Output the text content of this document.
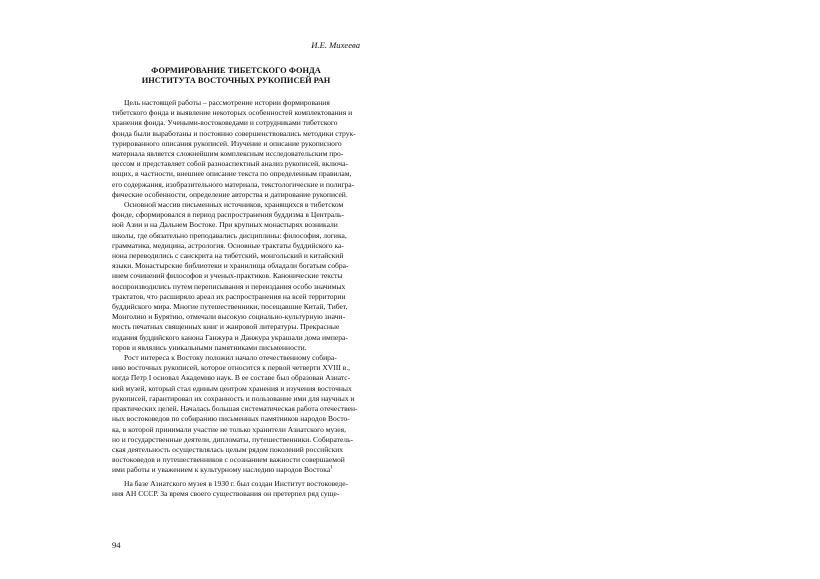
И.Е. Михеева

ФОРМИРОВАНИЕ ТИБЕТСКОГО ФОНДА
ИНСТИТУТА ВОСТОЧНЫХ РУКОПИСЕЙ РАН
Цель настоящей работы – рассмотрение истории формирования
тибетского фонда и выявление некоторых особенностей комплектования и
хранения фонда. Учеными-востоковедами и сотрудниками тибетского
фонда были выработаны и постоянно совершенствовались методики струк-
турированного описания рукописей. Изучение и описание рукописного
материала является сложнейшим комплексным исследовательским про-
цессом и представляет собой разноаспектный анализ рукописей, включа-
ющих, в частности, внешнее описание текста по определенным правилам,
его содержания, изобразительного материала, текстологические и полигра-
фические особенности, определение авторства и датирование рукописей.
Основной массив письменных источников, хранящихся в тибетском
фонде, сформировался в период распространения буддизма в Централь-
ной Азии и на Дальнем Востоке. При крупных монастырях возникали
школы, где обязательно преподавались дисциплины: философия, логика,
грамматика, медицина, астрология. Основные трактаты буддийского ка-
нона переводились с санскрита на тибетский, монгольский и китайский
языки. Монастырские библиотеки и хранилища обладали богатым собра-
нием сочинений философов и ученых-практиков. Канонические тексты
воспроизводились путем переписывания и переиздания особо значимых
трактатов, что расширяло ареал их распространения на всей территории
буддийского мира. Многие путешественники, посещавшие Китай, Тибет,
Монголию и Бурятию, отмечали высокую социально-культурную значи-
мость печатных священных книг и жанровой литературы. Прекрасные
издания буддийского канона Ганжура и Данжура украшали дома импера-
торов и являлись уникальными памятниками письменности.
Рост интереса к Востоку положил начало отечественному собира-
нию восточных рукописей, которое относится к первой четверти XVIII в.,
когда Петр I основал Академию наук. В ее составе был образован Азиатс-
кий музей, который стал единым центром хранения и изучения восточных
рукописей, гарантировал их сохранность и пользование ими для научных и
практических целей. Началась большая систематическая работа отечествен-
ных востоковедов по собиранию письменных памятников народов Восто-
ка, в которой принимали участие не только хранители Азиатского музея,
но и государственные деятели, дипломаты, путешественники. Собиратель-
ская деятельность осуществлялась целым рядом поколений российских
востоковедов и путешественников с осознанием важности совершаемой
ими работы и уважением к культурному наследию народов Востока$^1$
На базе Азиатского музея в 1930 г. был создан Институт востоковеде-
ния АН СССР. За время своего существования он претерпел ряд суще-

94
